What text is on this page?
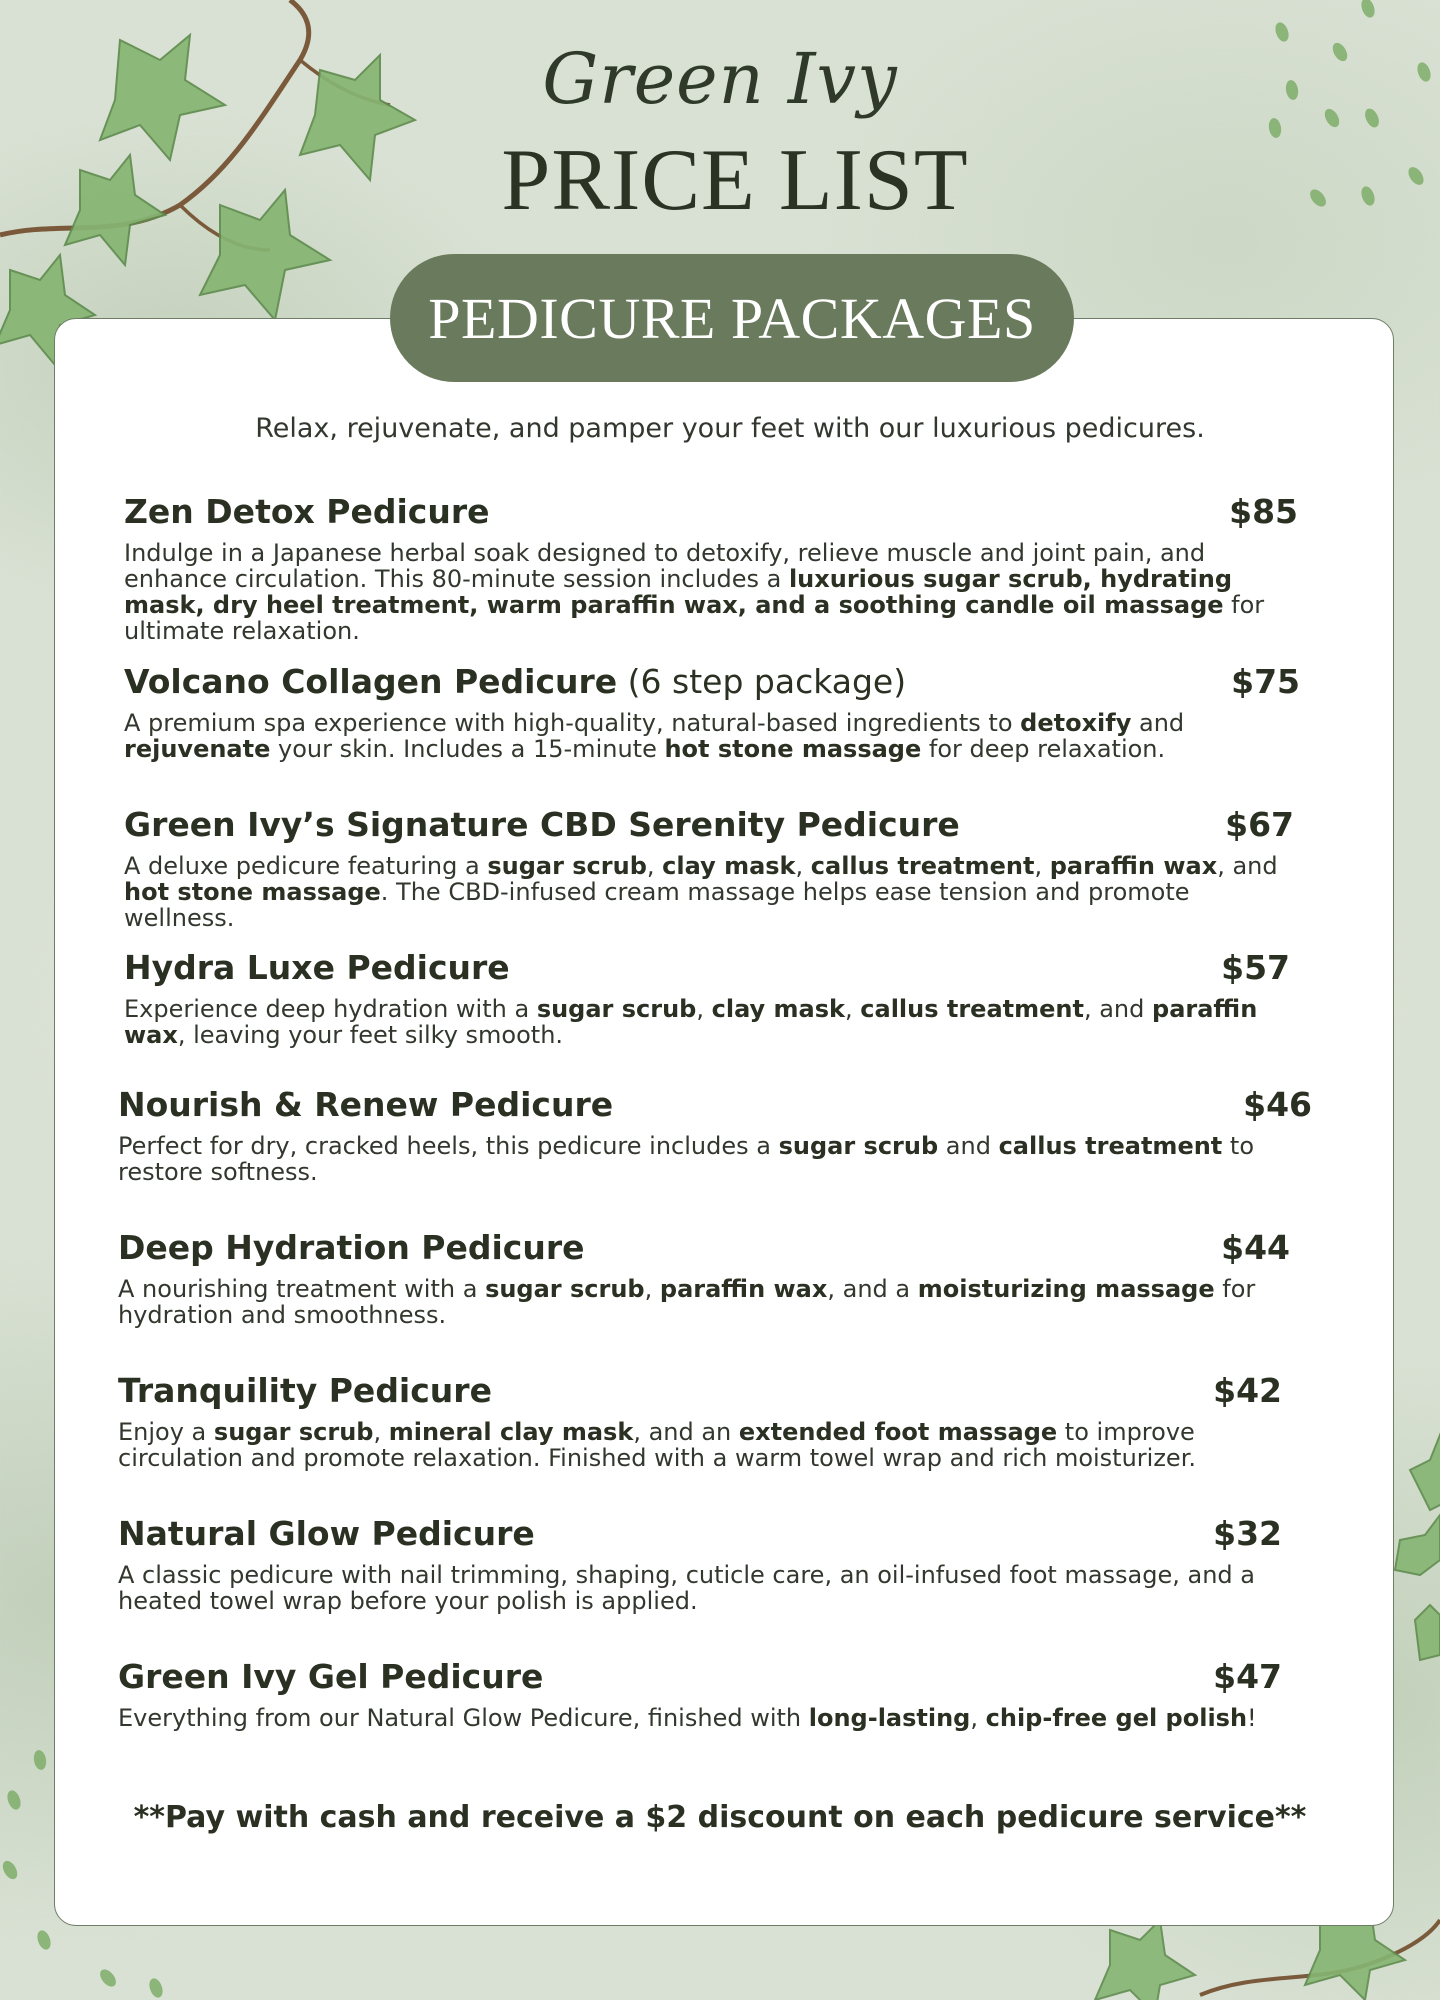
Green Ivy
PRICE LIST
PEDICURE PACKAGES
Relax, rejuvenate, and pamper your feet with our luxurious pedicures.
Zen Detox Pedicure	$85
Indulge in a Japanese herbal soak designed to detoxify, relieve muscle and joint pain, and enhance circulation. This 80-minute session includes a luxurious sugar scrub, hydrating mask, dry heel treatment, warm paraffin wax, and a soothing candle oil massage for ultimate relaxation.
Volcano Collagen Pedicure (6 step package)	$75
A premium spa experience with high-quality, natural-based ingredients to detoxify and rejuvenate your skin. Includes a 15-minute hot stone massage for deep relaxation.
Green Ivy’s Signature CBD Serenity Pedicure	$67
A deluxe pedicure featuring a sugar scrub, clay mask, callus treatment, paraffin wax, and hot stone massage. The CBD-infused cream massage helps ease tension and promote wellness.
Hydra Luxe Pedicure	$57
Experience deep hydration with a sugar scrub, clay mask, callus treatment, and paraffin wax, leaving your feet silky smooth.
Nourish & Renew Pedicure	$46
Perfect for dry, cracked heels, this pedicure includes a sugar scrub and callus treatment to restore softness.
Deep Hydration Pedicure	$44
A nourishing treatment with a sugar scrub, paraffin wax, and a moisturizing massage for hydration and smoothness.
Tranquility Pedicure	$42
Enjoy a sugar scrub, mineral clay mask, and an extended foot massage to improve circulation and promote relaxation. Finished with a warm towel wrap and rich moisturizer.
Natural Glow Pedicure	$32
A classic pedicure with nail trimming, shaping, cuticle care, an oil-infused foot massage, and a heated towel wrap before your polish is applied.
Green Ivy Gel Pedicure	$47
Everything from our Natural Glow Pedicure, finished with long-lasting, chip-free gel polish!
**Pay with cash and receive a $2 discount on each pedicure service**
